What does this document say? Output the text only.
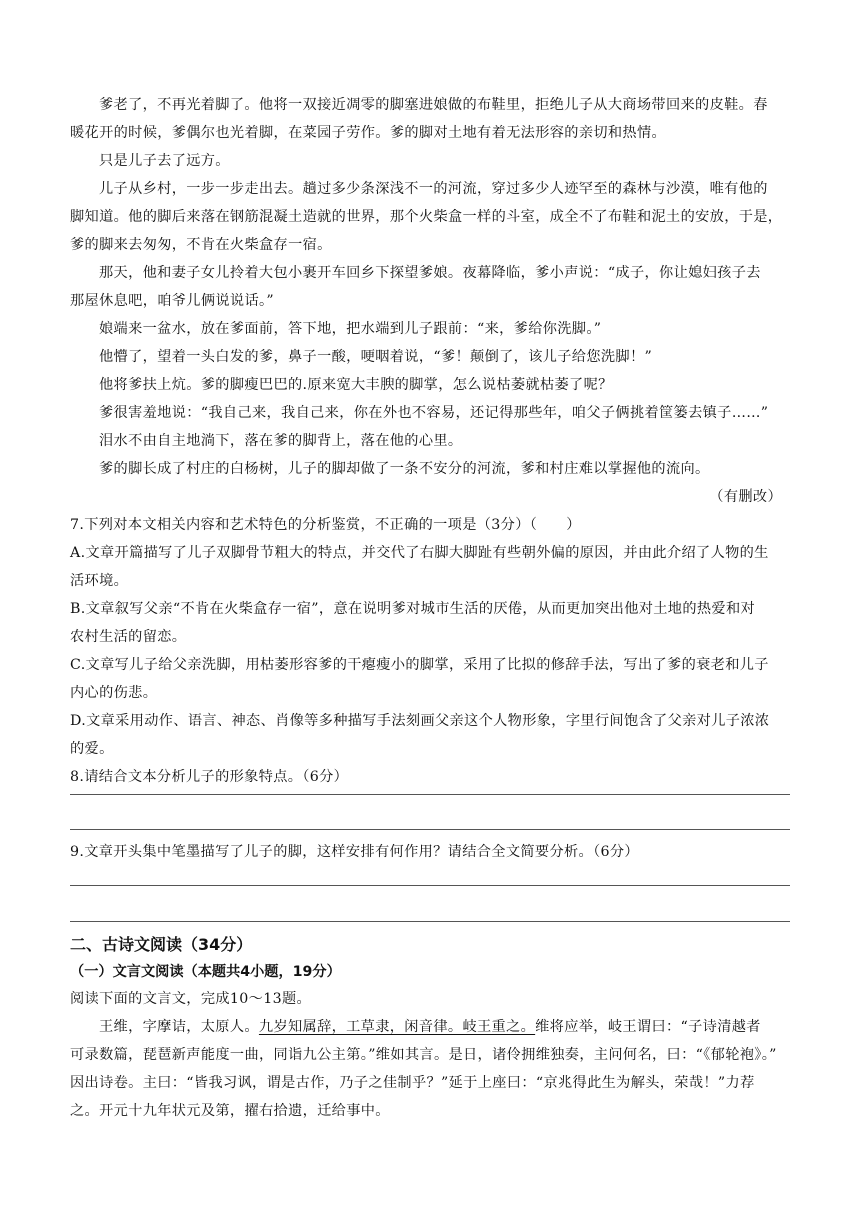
爹老了，不再光着脚了。他将一双接近凋零的脚塞进娘做的布鞋里，拒绝儿子从大商场带回来的皮鞋。春
暖花开的时候，爹偶尔也光着脚，在菜园子劳作。爹的脚对土地有着无法形容的亲切和热情。
只是儿子去了远方。
儿子从乡村，一步一步走出去。趟过多少条深浅不一的河流，穿过多少人迹罕至的森林与沙漠，唯有他的
脚知道。他的脚后来落在钢筋混凝土造就的世界，那个火柴盒一样的斗室，成全不了布鞋和泥土的安放，于是，
爹的脚来去匆匆，不肯在火柴盒存一宿。
那天，他和妻子女儿拎着大包小裹开车回乡下探望爹娘。夜幕降临，爹小声说：“成子，你让媳妇孩子去
那屋休息吧，咱爷儿俩说说话。”
娘端来一盆水，放在爹面前，答下地，把水端到儿子跟前：“来，爹给你洗脚。”
他懵了，望着一头白发的爹，鼻子一酸，哽咽着说，“爹！颠倒了，该儿子给您洗脚！”
他将爹扶上炕。爹的脚瘦巴巴的.原来宽大丰腴的脚掌，怎么说枯萎就枯萎了呢？
爹很害羞地说：“我自己来，我自己来，你在外也不容易，还记得那些年，咱父子俩挑着筐篓去镇子……”
泪水不由自主地淌下，落在爹的脚背上，落在他的心里。
爹的脚长成了村庄的白杨树，儿子的脚却做了一条不安分的河流，爹和村庄难以掌握他的流向。
（有删改）
7.下列对本文相关内容和艺术特色的分析鉴赏，不正确的一项是（3分）（　　）
A.文章开篇描写了儿子双脚骨节粗大的特点，并交代了右脚大脚趾有些朝外偏的原因，并由此介绍了人物的生
活环境。
B.文章叙写父亲“不肯在火柴盒存一宿”，意在说明爹对城市生活的厌倦，从而更加突出他对土地的热爱和对
农村生活的留恋。
C.文章写儿子给父亲洗脚，用枯萎形容爹的干瘪瘦小的脚掌，采用了比拟的修辞手法，写出了爹的衰老和儿子
内心的伤悲。
D.文章采用动作、语言、神态、肖像等多种描写手法刻画父亲这个人物形象，字里行间饱含了父亲对儿子浓浓
的爱。
8.请结合文本分析儿子的形象特点。（6分）
9.文章开头集中笔墨描写了儿子的脚，这样安排有何作用？请结合全文简要分析。（6分）
二、古诗文阅读（34分）
（一）文言文阅读（本题共4小题，19分）
阅读下面的文言文，完成10～13题。
王维，字摩诘，太原人。九岁知属辞，工草隶，闲音律。岐王重之。维将应举，岐王谓曰：“子诗清越者
可录数篇，琵琶新声能度一曲，同诣九公主第。”维如其言。是日，诸伶拥维独奏，主问何名，曰：“《郁轮袍》。”
因出诗卷。主曰：“皆我习讽，谓是古作，乃子之佳制乎？”延于上座曰：“京兆得此生为解头，荣哉！”力荐
之。开元十九年状元及第，擢右拾遗，迁给事中。
